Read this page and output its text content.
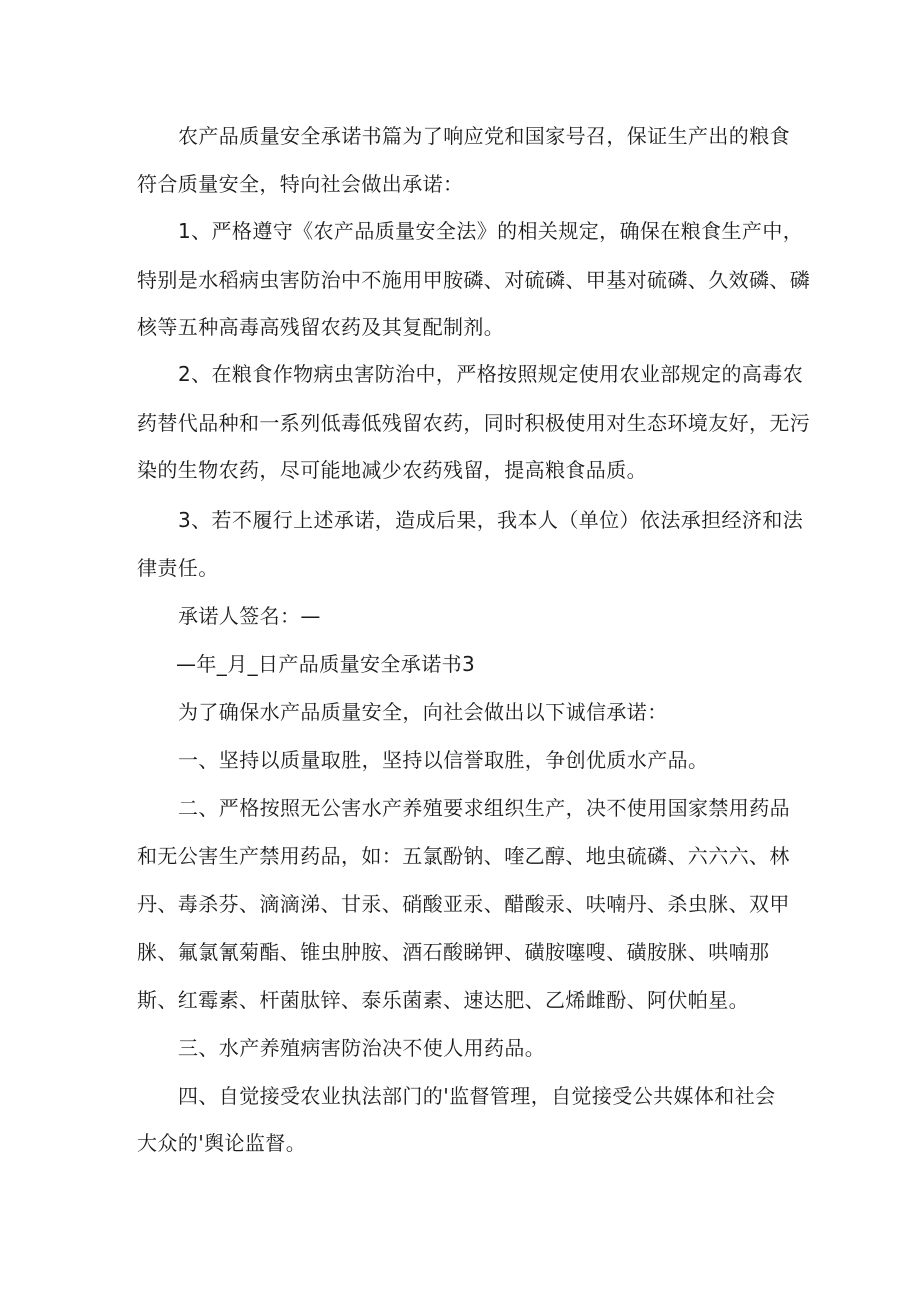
农产品质量安全承诺书篇为了响应党和国家号召，保证生产出的粮食

符合质量安全，特向社会做出承诺：

1、严格遵守《农产品质量安全法》的相关规定，确保在粮食生产中，

特别是水稻病虫害防治中不施用甲胺磷、对硫磷、甲基对硫磷、久效磷、磷

核等五种高毒高残留农药及其复配制剂。

2、在粮食作物病虫害防治中，严格按照规定使用农业部规定的高毒农

药替代品种和一系列低毒低残留农药，同时积极使用对生态环境友好，无污

染的生物农药，尽可能地减少农药残留，提高粮食品质。

3、若不履行上述承诺，造成后果，我本人（单位）依法承担经济和法

律责任。

承诺人签名：—

—年_月_日产品质量安全承诺书3

为了确保水产品质量安全，向社会做出以下诚信承诺：

一、坚持以质量取胜，坚持以信誉取胜，争创优质水产品。

二、严格按照无公害水产养殖要求组织生产，决不使用国家禁用药品

和无公害生产禁用药品，如：五氯酚钠、喹乙醇、地虫硫磷、六六六、林

丹、毒杀芬、滴滴涕、甘汞、硝酸亚汞、醋酸汞、呋喃丹、杀虫脒、双甲

脒、氟氯氰菊酯、锥虫肿胺、酒石酸睇钾、磺胺噻嗖、磺胺脒、哄喃那

斯、红霉素、杆菌肽锌、泰乐菌素、速达肥、乙烯雌酚、阿伏帕星。

三、水产养殖病害防治决不使人用药品。

四、自觉接受农业执法部门的'监督管理，自觉接受公共媒体和社会

大众的'舆论监督。
